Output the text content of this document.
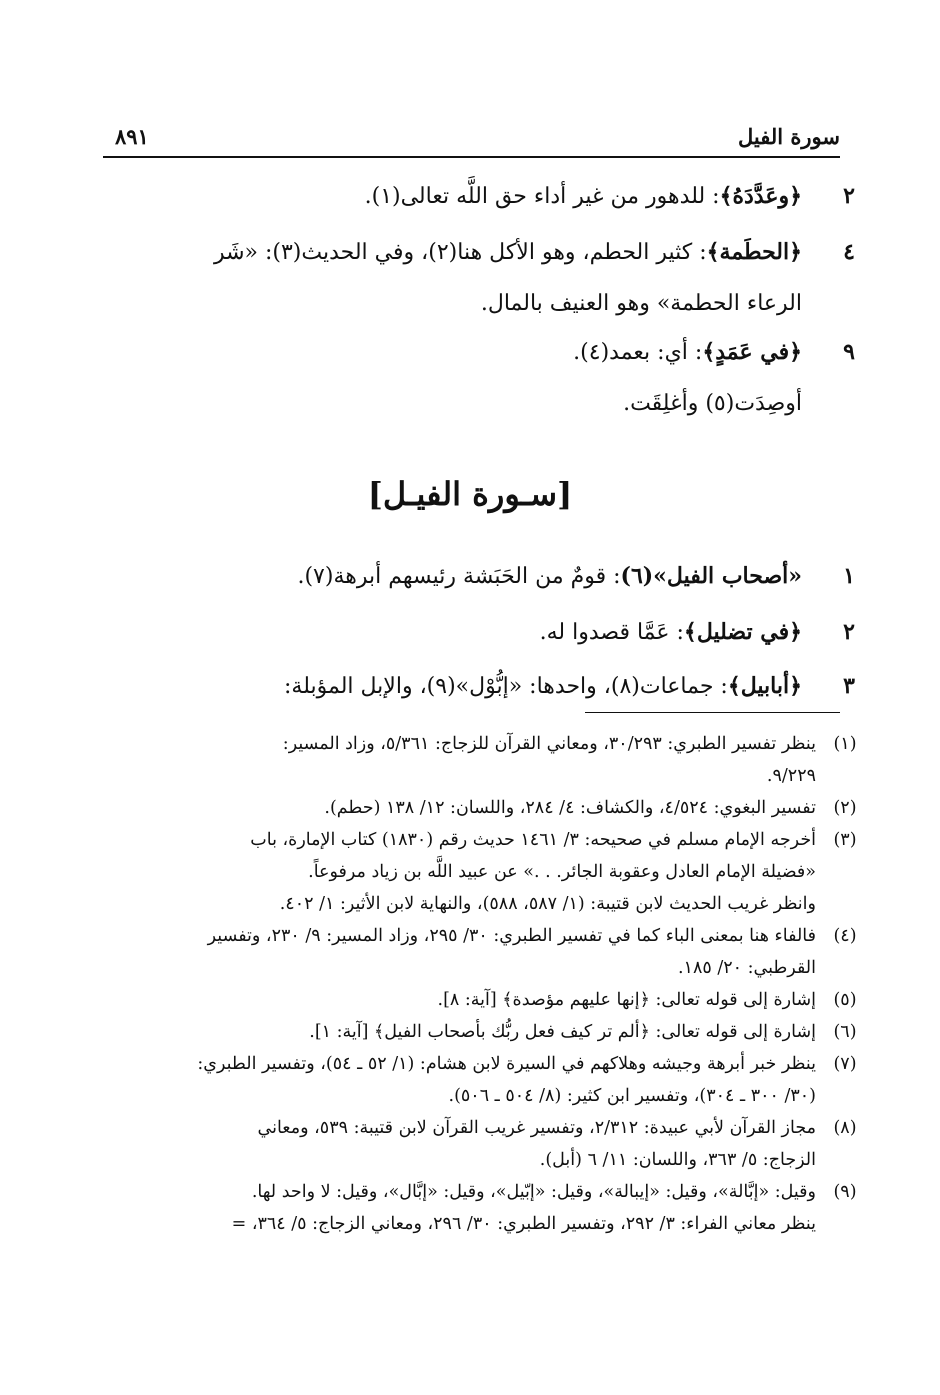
سورة الفيل
٨٩١
٢
﴿وعَدَّدَهُ﴾: للدهور من غير أداء حق اللَّه تعالى(١).
٤
﴿الحطَمة﴾: كثير الحطم، وهو الأكل هنا(٢)، وفي الحديث(٣): «شَر
الرعاء الحطمة» وهو العنيف بالمال.
٩
﴿في عَمَدٍ﴾: أي: بعمد(٤).
أوصِدَت(٥) وأغلِقَت.
[سـورة الفيـل]
١
«أصحاب الفيل»(٦): قومٌ من الحَبَشة رئيسهم أبرهة(٧).
٢
﴿في تضليل﴾: عَمَّا قصدوا له.
٣
﴿أبابيل﴾: جماعات(٨)، واحدها: «إبُّوْل»(٩)، والإبل المؤبلة:
(١)
ينظر تفسير الطبري: ٣٠/٢٩٣، ومعاني القرآن للزجاج: ٥/٣٦١، وزاد المسير:
٩/٢٢٩.
(٢)
تفسير البغوي: ٤/٥٢٤، والكشاف: ٤/ ٢٨٤، واللسان: ١٢/ ١٣٨ (حطم).
(٣)
أخرجه الإمام مسلم في صحيحه: ٣/ ١٤٦١ حديث رقم (١٨٣٠) كتاب الإمارة، باب
«فضيلة الإمام العادل وعقوبة الجائر. . .» عن عبيد اللَّه بن زياد مرفوعاً.
وانظر غريب الحديث لابن قتيبة: (١/ ٥٨٧، ٥٨٨)، والنهاية لابن الأثير: ١/ ٤٠٢.
(٤)
فالفاء هنا بمعنى الباء كما في تفسير الطبري: ٣٠/ ٢٩٥، وزاد المسير: ٩/ ٢٣٠، وتفسير
القرطبي: ٢٠/ ١٨٥.
(٥)
إشارة إلى قوله تعالى: ﴿إنها عليهم مؤصدة﴾ [آية: ٨].
(٦)
إشارة إلى قوله تعالى: ﴿ألم تر كيف فعل ربُّك بأصحاب الفيل﴾ [آية: ١].
(٧)
ينظر خبر أبرهة وجيشه وهلاكهم في السيرة لابن هشام: (١/ ٥٢ ـ ٥٤)، وتفسير الطبري:
(٣٠/ ٣٠٠ ـ ٣٠٤)، وتفسير ابن كثير: (٨/ ٥٠٤ ـ ٥٠٦).
(٨)
مجاز القرآن لأبي عبيدة: ٢/٣١٢، وتفسير غريب القرآن لابن قتيبة: ٥٣٩، ومعاني
الزجاج: ٥/ ٣٦٣، واللسان: ١١/ ٦ (أبل).
(٩)
وقيل: «إبَّالة»، وقيل: «إيبالة»، وقيل: «إبّيل»، وقيل: «إبَّال»، وقيل: لا واحد لها.
ينظر معاني الفراء: ٣/ ٢٩٢، وتفسير الطبري: ٣٠/ ٢٩٦، ومعاني الزجاج: ٥/ ٣٦٤، =
